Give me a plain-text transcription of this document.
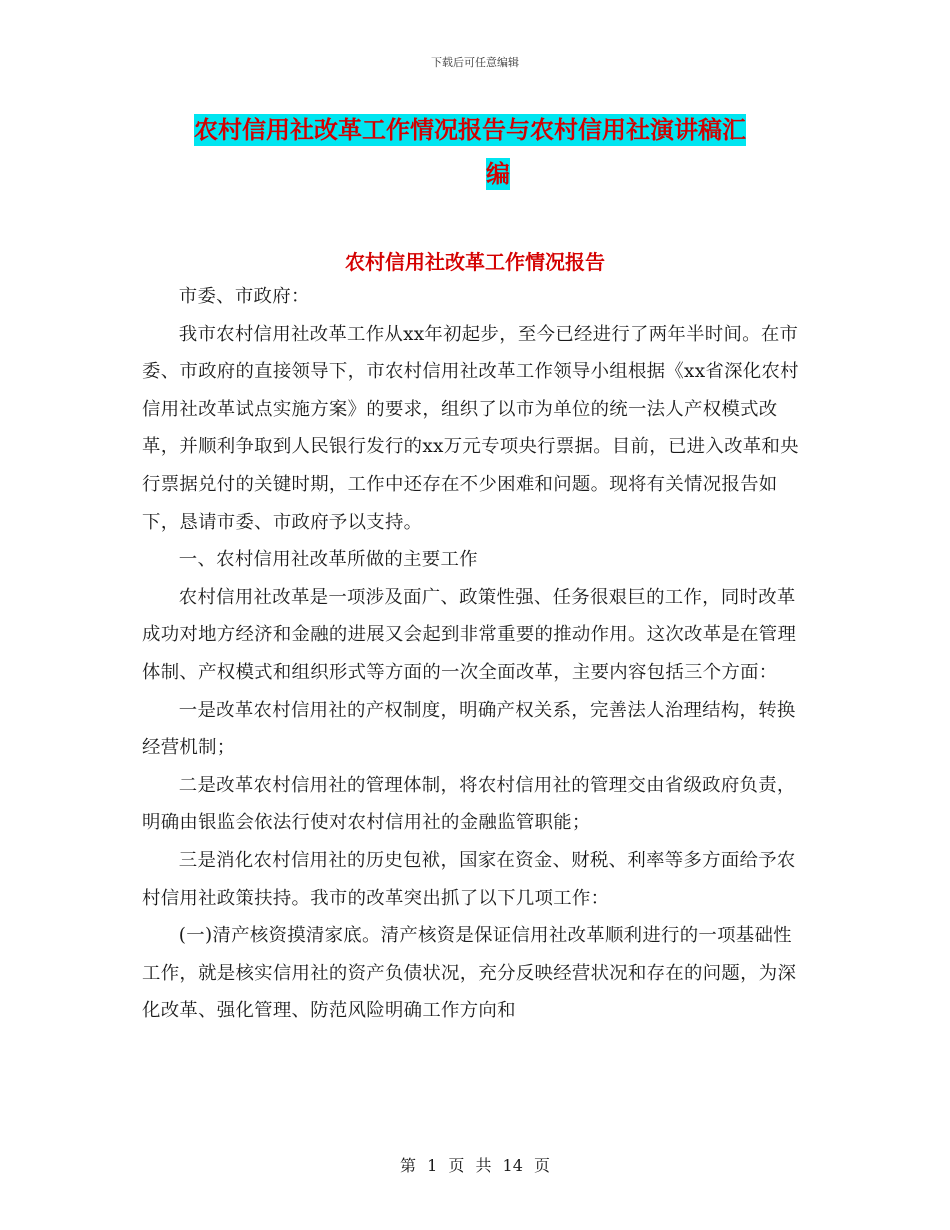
下载后可任意编辑
农村信用社改革工作情况报告与农村信用社演讲稿汇
编
农村信用社改革工作情况报告

市委、市政府：

我市农村信用社改革工作从xx年初起步，至今已经进行了两年半时间。在市委、市政府的直接领导下，市农村信用社改革工作领导小组根据《xx省深化农村信用社改革试点实施方案》的要求，组织了以市为单位的统一法人产权模式改革，并顺利争取到人民银行发行的xx万元专项央行票据。目前，已进入改革和央行票据兑付的关键时期，工作中还存在不少困难和问题。现将有关情况报告如下，恳请市委、市政府予以支持。

一、农村信用社改革所做的主要工作

农村信用社改革是一项涉及面广、政策性强、任务很艰巨的工作，同时改革成功对地方经济和金融的进展又会起到非常重要的推动作用。这次改革是在管理体制、产权模式和组织形式等方面的一次全面改革，主要内容包括三个方面：

一是改革农村信用社的产权制度，明确产权关系，完善法人治理结构，转换经营机制；

二是改革农村信用社的管理体制，将农村信用社的管理交由省级政府负责，明确由银监会依法行使对农村信用社的金融监管职能；

三是消化农村信用社的历史包袱，国家在资金、财税、利率等多方面给予农村信用社政策扶持。我市的改革突出抓了以下几项工作：

(一)清产核资摸清家底。清产核资是保证信用社改革顺利进行的一项基础性工作，就是核实信用社的资产负债状况，充分反映经营状况和存在的问题，为深化改革、强化管理、防范风险明确工作方向和

第 1 页 共 14 页
